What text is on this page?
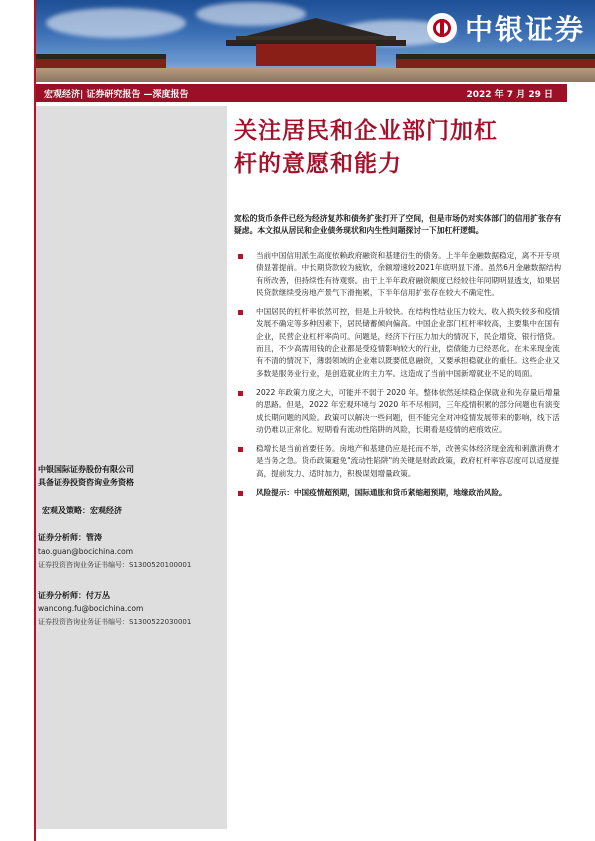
中银证券
宏观经济| 证券研究报告 —深度报告	2022 年 7 月 29 日
中银国际证券股份有限公司
具备证券投资咨询业务资格
宏观及策略：宏观经济
证券分析师：管涛
tao.guan@bocichina.com
证券投资咨询业务证书编号：S1300520100001
证券分析师：付万丛
wancong.fu@bocichina.com
证券投资咨询业务证书编号：S1300522030001
关注居民和企业部门加杠
杆的意愿和能力
宽松的货币条件已经为经济复苏和债务扩张打开了空间，但是市场仍对实体部门的信用扩张存有疑虑。本文拟从居民和企业债务现状和内生性问题探讨一下加杠杆逻辑。
当前中国信用派生高度依赖政府融资和基建衍生的债务。上半年金融数据稳定，离不开专项债显著提前。中长期贷款较为疲软，余额增速较2021年底明显下滑。虽然6月金融数据结构有所改善，但持续性有待观察。由于上半年政府融资额度已经较往年同期明显透支，如果居民贷款继续受房地产景气下滑拖累，下半年信用扩张存在较大不确定性。
中国居民的杠杆率依然可控，但是上升较快。在结构性结业压力较大、收入损失较多和疫情发展不确定等多种因素下，居民储蓄倾向偏高。中国企业部门杠杆率较高，主要集中在国有企业，民营企业杠杆率尚可。问题是，经济下行压力加大的情况下，民企增贷、银行惜贷。而且，不少高需用钱的企业都是受疫情影响较大的行业，偿债能力已经恶化。在未来现金流有不清的情况下，薄弱领域的企业难以既要低息融资，又要承担稳就业的重任。这些企业又多数是服务业行业，是创造就业的主力军。这造成了当前中国新增就业不足的局面。
2022 年政策力度之大，可能并不弱于 2020 年。整体依然延续稳企保就业和先存量后增量的思路。但是，2022 年宏观环境与 2020 年不尽相同，三年疫情积累的部分问题也有演变成长期问题的风险。政策可以解决一些问题，但不能完全对冲疫情发展带来的影响，线下活动仍难以正常化。短期看有流动性陷阱的风险，长期看是疫情的疤痕效应。
稳增长是当前首要任务。房地产和基建仍应是托而不举，改善实体经济现金流和刺激消费才是当务之急。货币政策避免"流动性陷阱"的关键是财政政策，政府杠杆率容忍度可以适度提高，提前发力、适时加力，积极谋划增量政策。
风险提示：中国疫情超预期，国际通胀和货币紧缩超预期，地缘政治风险。
